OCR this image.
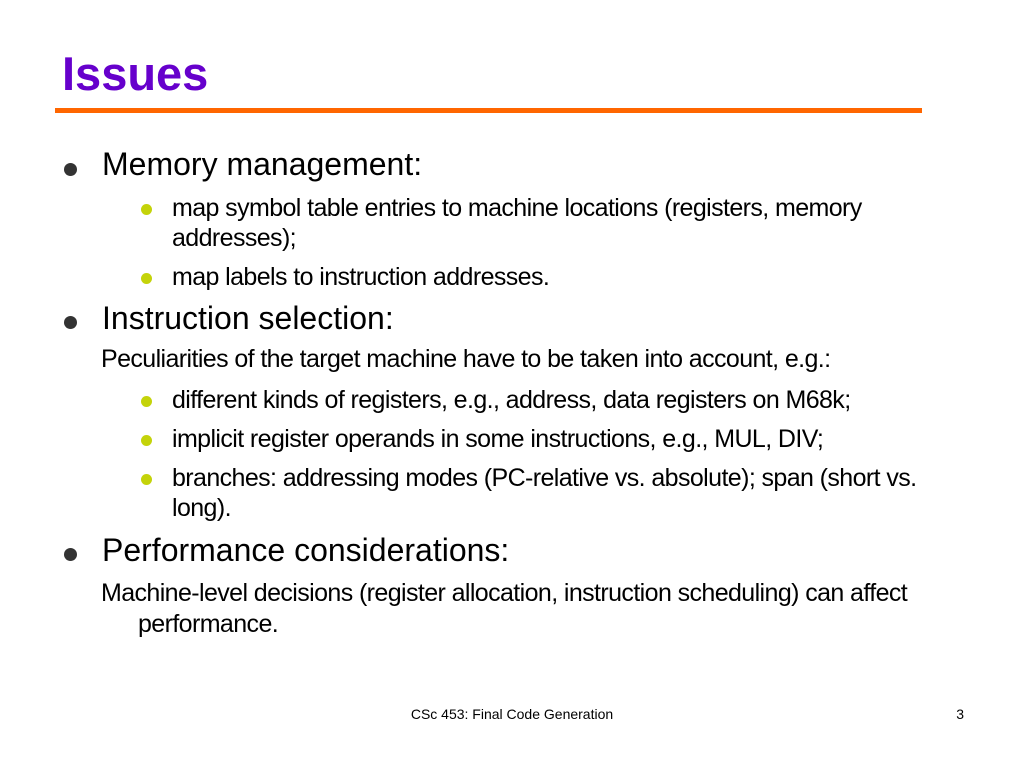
Issues
Memory management:
map symbol table entries to machine locations (registers, memory addresses);
map labels to instruction addresses.
Instruction selection:
Peculiarities of the target machine have to be taken into account, e.g.:
different kinds of registers, e.g., address, data registers on M68k;
implicit register operands in some instructions, e.g., MUL, DIV;
branches: addressing modes (PC-relative vs. absolute); span (short vs. long).
Performance considerations:
Machine-level decisions (register allocation, instruction scheduling) can affect performance.
CSc 453: Final Code Generation	3
